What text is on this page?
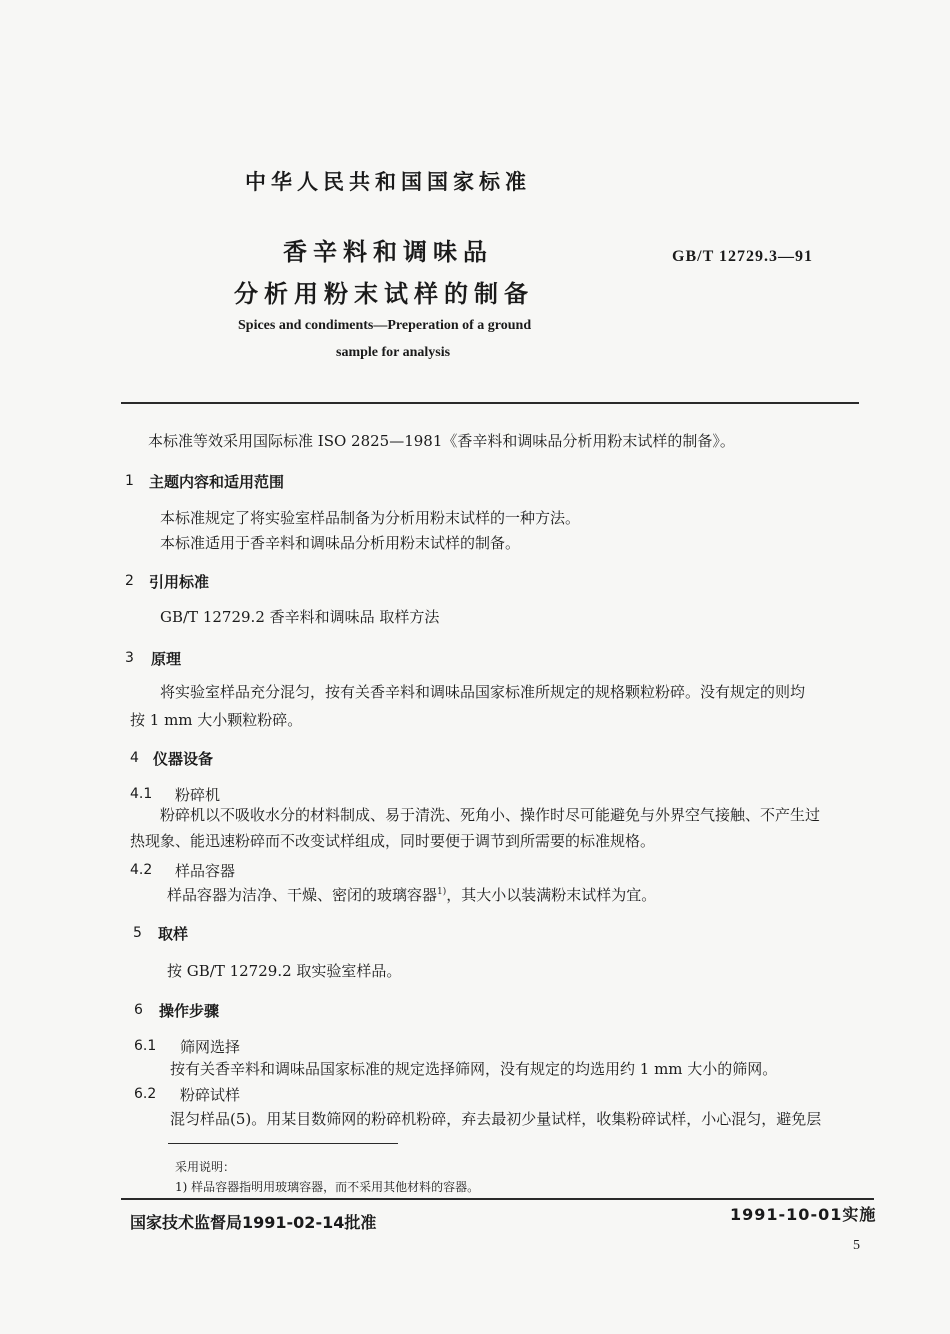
中华人民共和国国家标准
香辛料和调味品
分析用粉末试样的制备
GB/T 12729.3—91
Spices and condiments—Preperation of a ground
sample for analysis
本标准等效采用国际标准 ISO 2825—1981《香辛料和调味品分析用粉末试样的制备》。
1 主题内容和适用范围
本标准规定了将实验室样品制备为分析用粉末试样的一种方法。
本标准适用于香辛料和调味品分析用粉末试样的制备。
2 引用标准
GB/T 12729.2 香辛料和调味品 取样方法
3 原理
将实验室样品充分混匀，按有关香辛料和调味品国家标准所规定的规格颗粒粉碎。没有规定的则均
按 1 mm 大小颗粒粉碎。
4 仪器设备
4.1 粉碎机
粉碎机以不吸收水分的材料制成、易于清洗、死角小、操作时尽可能避免与外界空气接触、不产生过
热现象、能迅速粉碎而不改变试样组成，同时要便于调节到所需要的标准规格。
4.2 样品容器
样品容器为洁净、干燥、密闭的玻璃容器$^{1)}$，其大小以装满粉末试样为宜。
5 取样
按 GB/T 12729.2 取实验室样品。
6 操作步骤
6.1 筛网选择
按有关香辛料和调味品国家标准的规定选择筛网，没有规定的均选用约 1 mm 大小的筛网。
6.2 粉碎试样
混匀样品(5)。用某目数筛网的粉碎机粉碎，弃去最初少量试样，收集粉碎试样，小心混匀，避免层
采用说明：
1) 样品容器指明用玻璃容器，而不采用其他材料的容器。
1991-10-01实施
国家技术监督局1991-02-14批准
5
